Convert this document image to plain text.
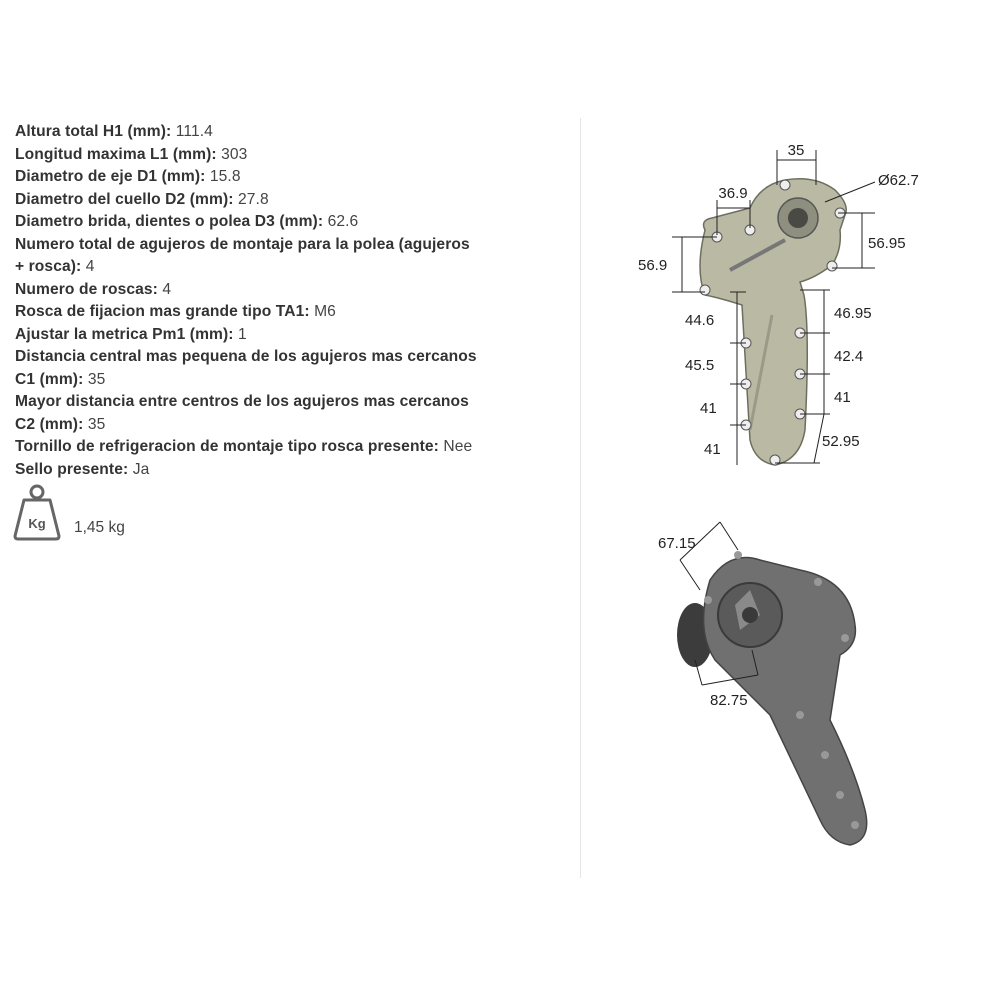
Altura total H1 (mm): 111.4
Longitud maxima L1 (mm): 303
Diametro de eje D1 (mm): 15.8
Diametro del cuello D2 (mm): 27.8
Diametro brida, dientes o polea D3 (mm): 62.6
Numero total de agujeros de montaje para la polea (agujeros
+ rosca): 4
Numero de roscas: 4
Rosca de fijacion mas grande tipo TA1: M6
Ajustar la metrica Pm1 (mm): 1
Distancia central mas pequena de los agujeros mas cercanos
C1 (mm): 35
Mayor distancia entre centros de los agujeros mas cercanos
C2 (mm): 35
Tornillo de refrigeracion de montaje tipo rosca presente: Nee
Sello presente: Ja
Kg 1,45 kg
35
Ø62.7
36.9
56.9
56.95
44.6
45.5
41
41
46.95
42.4
41
52.95
67.15
82.75
